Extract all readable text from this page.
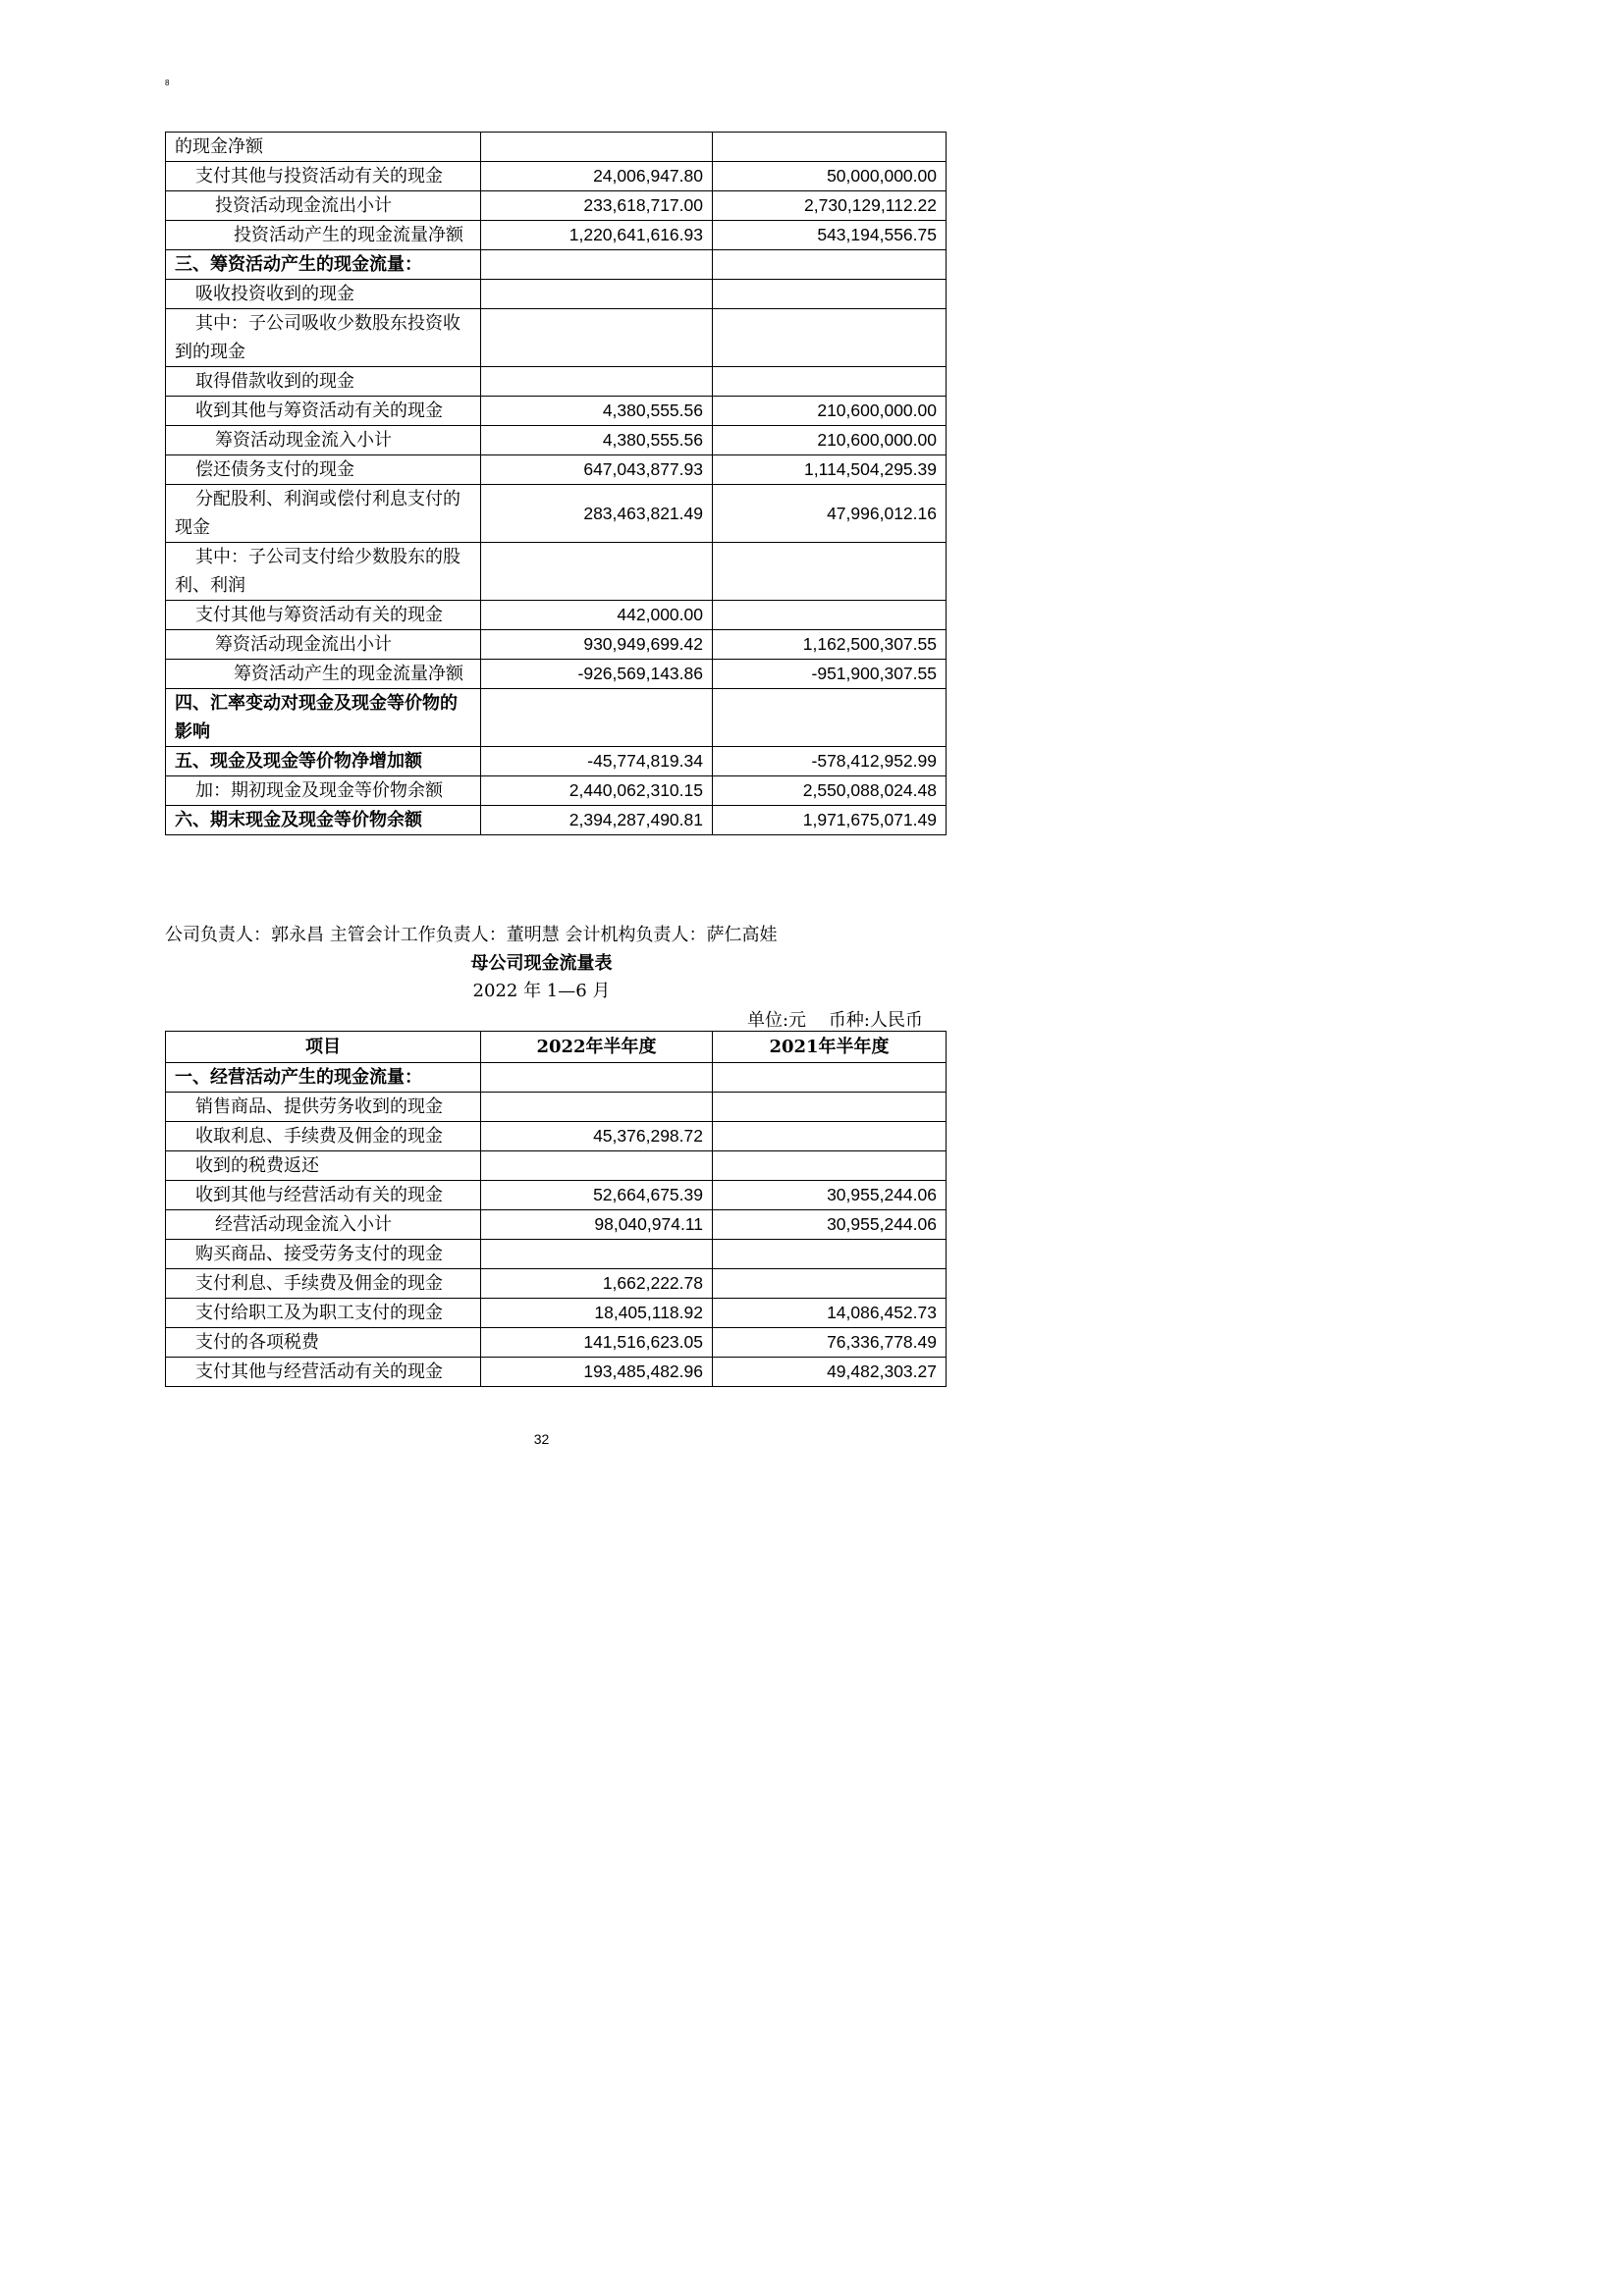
8
的现金净额		
支付其他与投资活动有关的现金	24,006,947.80	50,000,000.00
投资活动现金流出小计	233,618,717.00	2,730,129,112.22
投资活动产生的现金流量净额	1,220,641,616.93	543,194,556.75
三、筹资活动产生的现金流量：		
吸收投资收到的现金		
其中：子公司吸收少数股东投资收到的现金		
取得借款收到的现金		
收到其他与筹资活动有关的现金	4,380,555.56	210,600,000.00
筹资活动现金流入小计	4,380,555.56	210,600,000.00
偿还债务支付的现金	647,043,877.93	1,114,504,295.39
分配股利、利润或偿付利息支付的现金	283,463,821.49	47,996,012.16
其中：子公司支付给少数股东的股利、利润		
支付其他与筹资活动有关的现金	442,000.00	
筹资活动现金流出小计	930,949,699.42	1,162,500,307.55
筹资活动产生的现金流量净额	-926,569,143.86	-951,900,307.55
四、汇率变动对现金及现金等价物的影响		
五、现金及现金等价物净增加额	-45,774,819.34	-578,412,952.99
加：期初现金及现金等价物余额	2,440,062,310.15	2,550,088,024.48
六、期末现金及现金等价物余额	2,394,287,490.81	1,971,675,071.49
公司负责人：郭永昌 主管会计工作负责人：董明慧 会计机构负责人：萨仁高娃
母公司现金流量表
2022 年 1—6 月
单位:元    币种:人民币
项目	2022年半年度	2021年半年度
一、经营活动产生的现金流量：		
销售商品、提供劳务收到的现金		
收取利息、手续费及佣金的现金	45,376,298.72	
收到的税费返还		
收到其他与经营活动有关的现金	52,664,675.39	30,955,244.06
经营活动现金流入小计	98,040,974.11	30,955,244.06
购买商品、接受劳务支付的现金		
支付利息、手续费及佣金的现金	1,662,222.78	
支付给职工及为职工支付的现金	18,405,118.92	14,086,452.73
支付的各项税费	141,516,623.05	76,336,778.49
支付其他与经营活动有关的现金	193,485,482.96	49,482,303.27
32
